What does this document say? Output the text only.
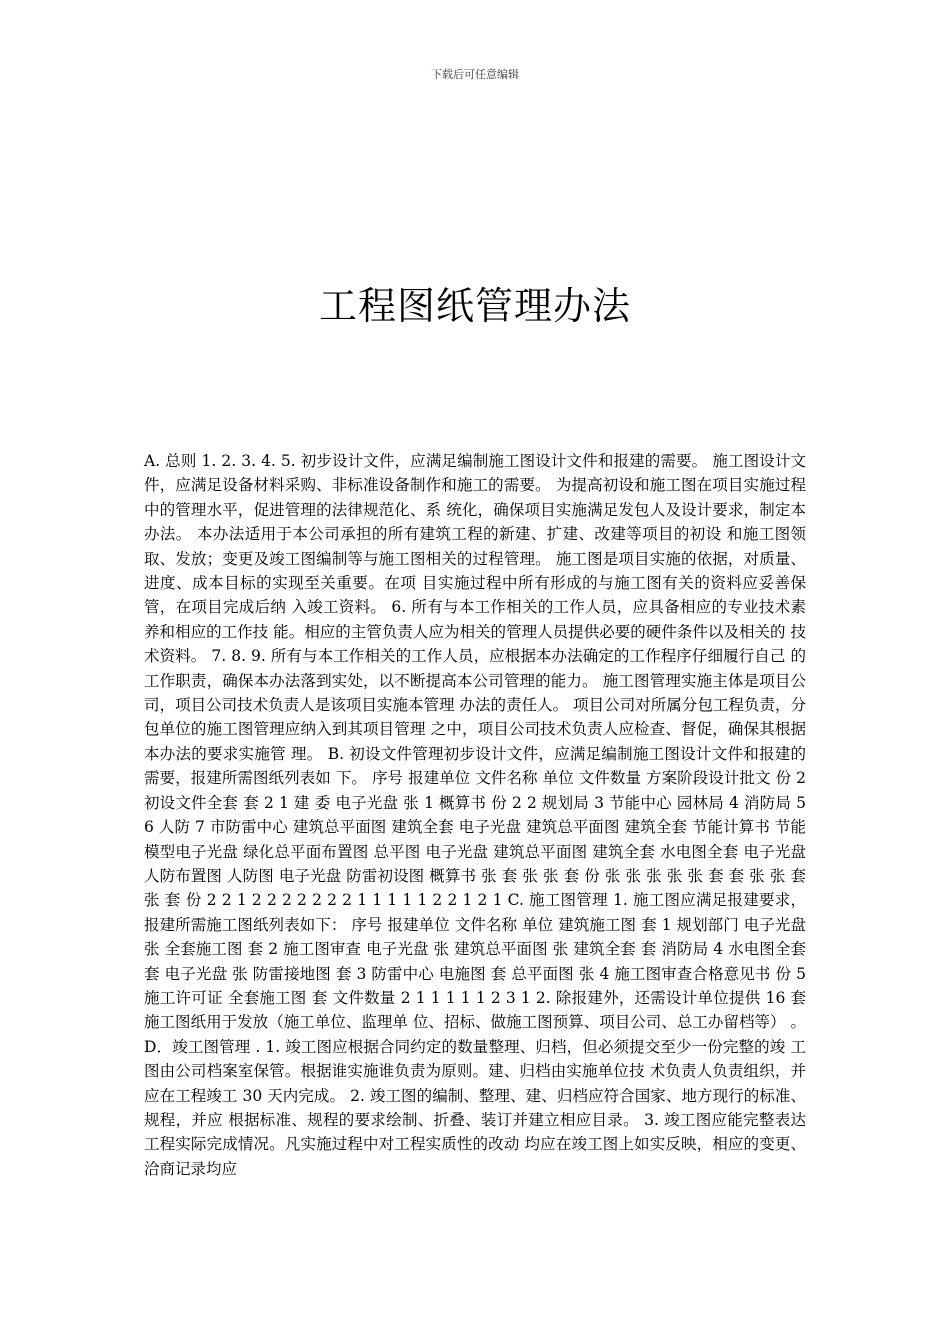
下载后可任意编辑
工程图纸管理办法

A. 总则 1. 2. 3. 4. 5. 初步设计文件，应满足编制施工图设计文件和报建的需要。 施工图设计文件，应满足设备材料采购、非标准设备制作和施工的需要。 为提高初设和施工图在项目实施过程中的管理水平，促进管理的法律规范化、系 统化，确保项目实施满足发包人及设计要求，制定本办法。 本办法适用于本公司承担的所有建筑工程的新建、扩建、改建等项目的初设 和施工图领取、发放；变更及竣工图编制等与施工图相关的过程管理。 施工图是项目实施的依据，对质量、进度、成本目标的实现至关重要。在项 目实施过程中所有形成的与施工图有关的资料应妥善保管，在项目完成后纳 入竣工资料。 6. 所有与本工作相关的工作人员，应具备相应的专业技术素养和相应的工作技 能。相应的主管负责人应为相关的管理人员提供必要的硬件条件以及相关的 技术资料。 7. 8. 9. 所有与本工作相关的工作人员，应根据本办法确定的工作程序仔细履行自己 的工作职责，确保本办法落到实处，以不断提高本公司管理的能力。 施工图管理实施主体是项目公司，项目公司技术负责人是该项目实施本管理 办法的责任人。 项目公司对所属分包工程负责，分包单位的施工图管理应纳入到其项目管理 之中，项目公司技术负责人应检查、督促，确保其根据本办法的要求实施管 理。 B. 初设文件管理初步设计文件，应满足编制施工图设计文件和报建的需要，报建所需图纸列表如 下。 序号 报建单位 文件名称 单位 文件数量 方案阶段设计批文 份 2 初设文件全套 套 2 1 建 委 电子光盘 张 1 概算书 份 2 2 规划局 3 节能中心 园林局 4 消防局 5 6 人防 7 市防雷中心 建筑总平面图 建筑全套 电子光盘 建筑总平面图 建筑全套 节能计算书 节能模型电子光盘 绿化总平面布置图 总平图 电子光盘 建筑总平面图 建筑全套 水电图全套 电子光盘 人防布置图 人防图 电子光盘 防雷初设图 概算书 张 套 张 张 套 份 张 张 张 张 张 套 套 张 张 套 张 套 份 2 2 1 2 2 2 2 2 2 2 1 1 1 1 1 2 2 1 2 1 C. 施工图管理 1. 施工图应满足报建要求，报建所需施工图纸列表如下： 序号 报建单位 文件名称 单位 建筑施工图 套 1 规划部门 电子光盘 张 全套施工图 套 2 施工图审查 电子光盘 张 建筑总平面图 张 建筑全套 套 消防局 4 水电图全套 套 电子光盘 张 防雷接地图 套 3 防雷中心 电施图 套 总平面图 张 4 施工图审查合格意见书 份 5 施工许可证 全套施工图 套 文件数量 2 1 1 1 1 1 2 3 1 2. 除报建外，还需设计单位提供 16 套施工图纸用于发放（施工单位、监理单 位、招标、做施工图预算、项目公司、总工办留档等） 。 D．竣工图管理 . 1. 竣工图应根据合同约定的数量整理、归档，但必须提交至少一份完整的竣 工图由公司档案室保管。根据谁实施谁负责为原则。建、归档由实施单位技 术负责人负责组织，并应在工程竣工 30 天内完成。 2. 竣工图的编制、整理、建、归档应符合国家、地方现行的标准、规程，并应 根据标准、规程的要求绘制、折叠、装订并建立相应目录。 3. 竣工图应能完整表达工程实际完成情况。凡实施过程中对工程实质性的改动 均应在竣工图上如实反映，相应的变更、洽商记录均应
